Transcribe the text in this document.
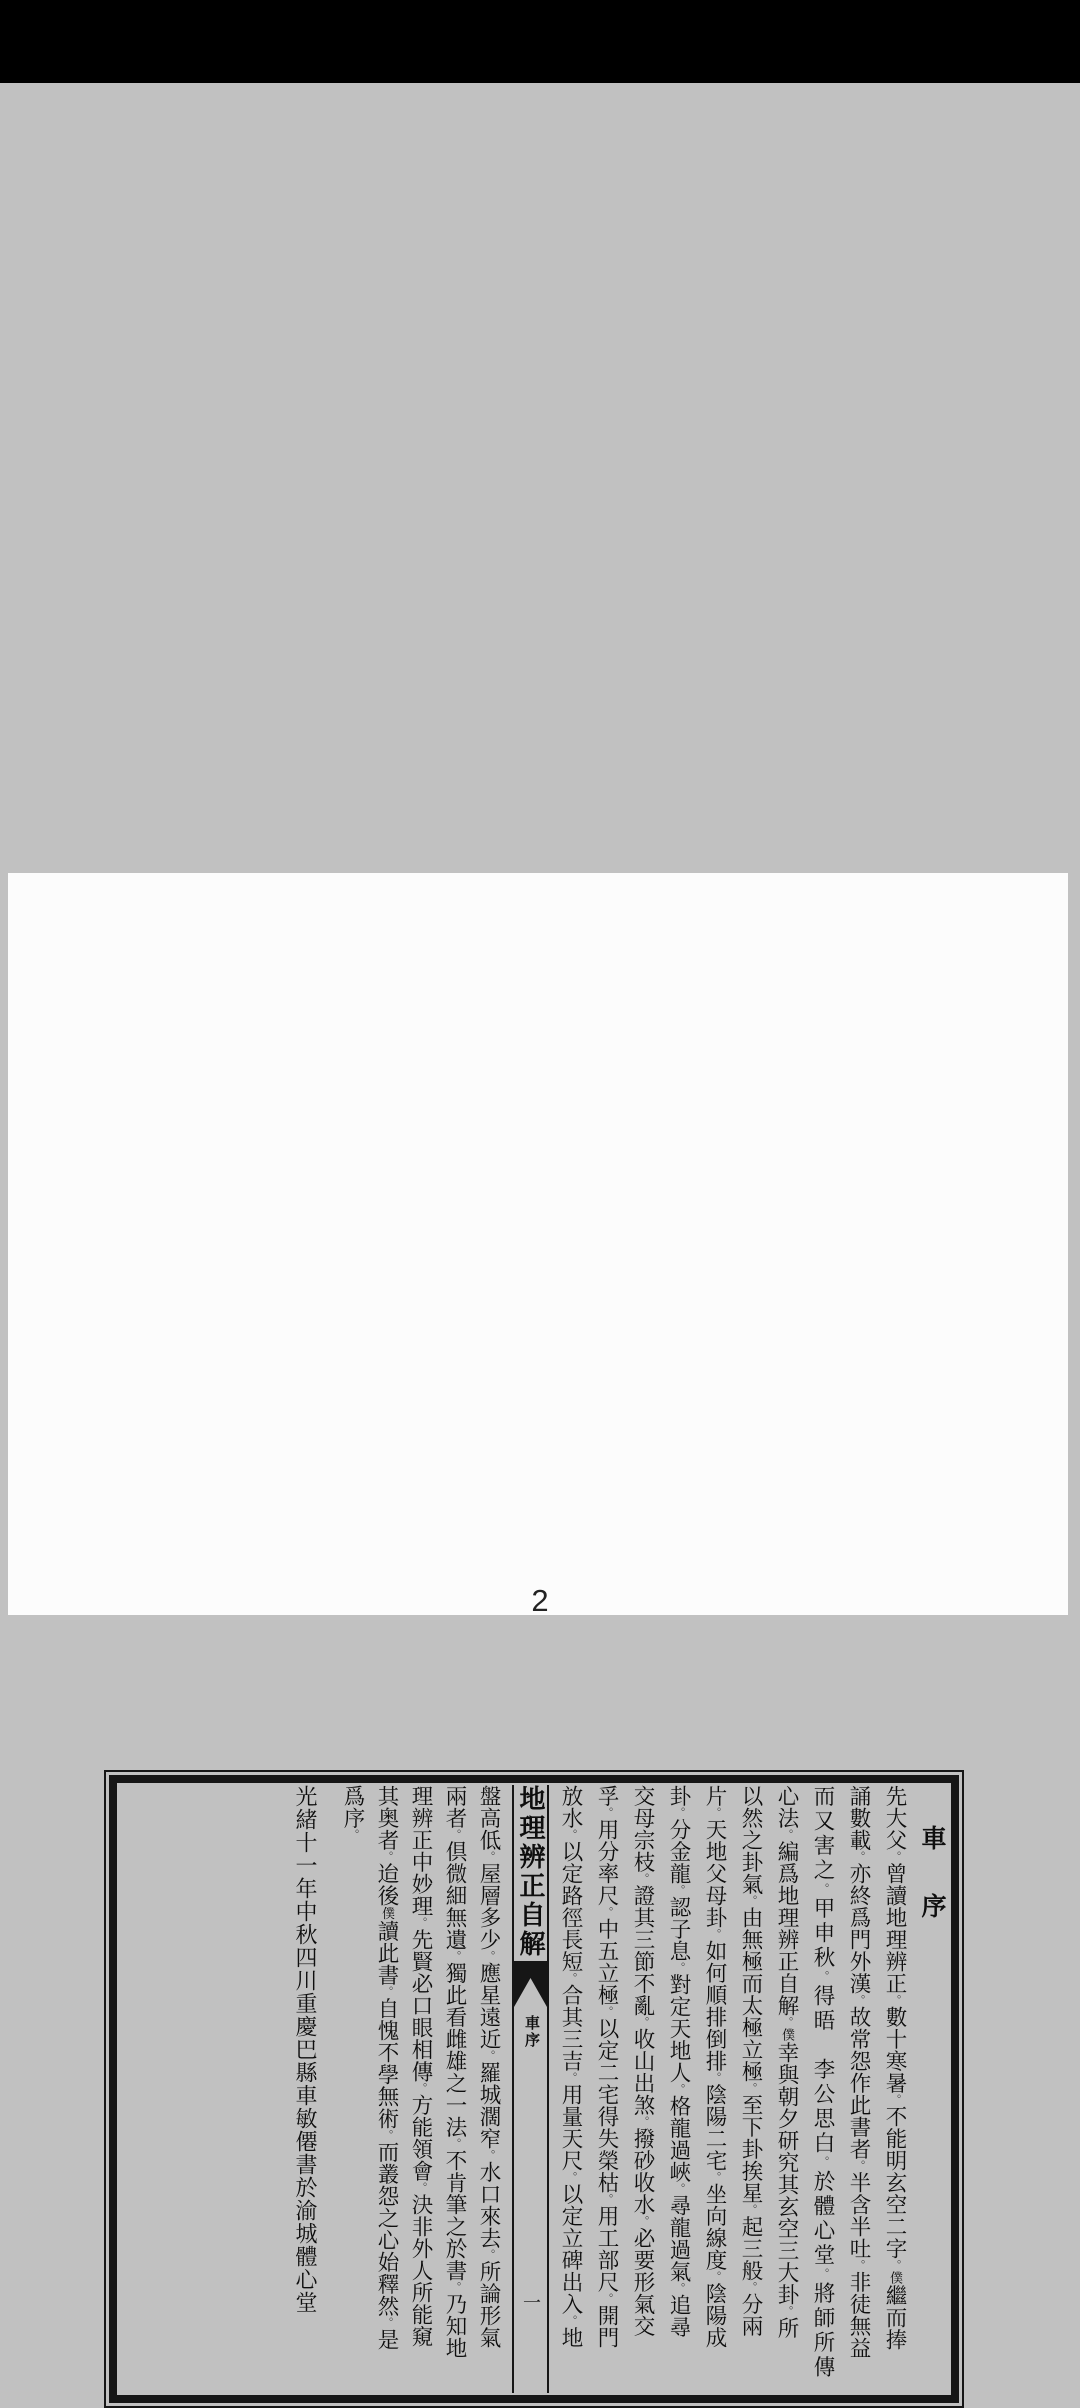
車　序
先大父。曾讀地理辨正。數十寒暑。不能明玄空二字。僕繼而捧
誦數載。亦終爲門外漢。故常怨作此書者。半含半吐。非徒無益
而又害之。甲申秋。得晤　李公思白。於體心堂。將師所傳
心法。編爲地理辨正自解。僕幸與朝夕研究其玄空三大卦。所
以然之卦氣。由無極而太極立極。至下卦挨星。起三般。分兩
片。天地父母卦。如何順排倒排。陰陽二宅。坐向線度。陰陽成
卦。分金龍。認子息。對定天地人。格龍過峽。尋龍過氣。追尋
交母宗枝。證其三節不亂。收山出煞。撥砂收水。必要形氣交
孚。用分率尺。中五立極。以定二宅得失榮枯。用工部尺。開門
放水。以定路徑長短。合其三吉。用量天尺。以定立碑出入。地
地理辨正自解
車序
一
盤高低。屋層多少。應星遠近。羅城濶窄。水口來去。所論形氣
兩者。倶微細無遺。獨此看雌雄之一法。不肯筆之於書。乃知地
理辨正中妙理。先賢必口眼相傳。方能領會。決非外人所能窺
其奥者。迨後僕讀此書。自愧不學無術。而叢怨之心始釋然。是
爲序。
光緒十一年中秋四川重慶巴縣車敏僊書於渝城體心堂
2
